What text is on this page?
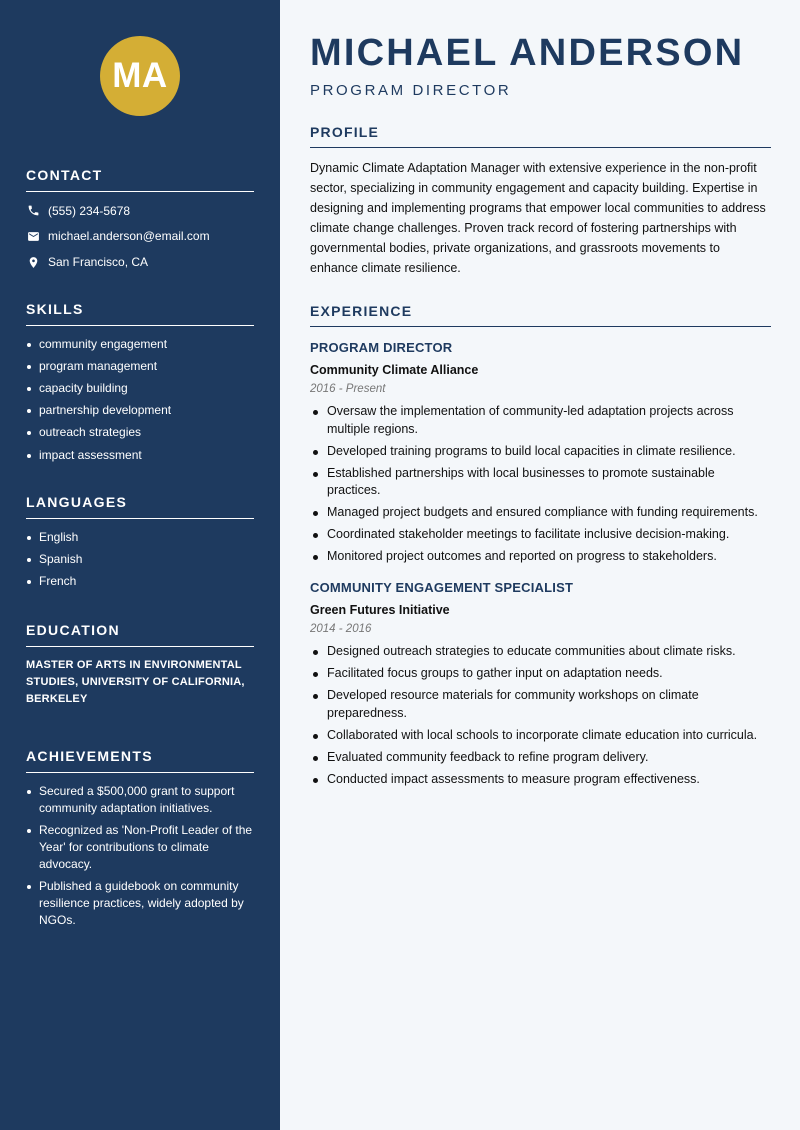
MA
CONTACT
(555) 234-5678
michael.anderson@email.com
San Francisco, CA
SKILLS
community engagement
program management
capacity building
partnership development
outreach strategies
impact assessment
LANGUAGES
English
Spanish
French
EDUCATION

MASTER OF ARTS IN ENVIRONMENTAL STUDIES, UNIVERSITY OF CALIFORNIA, BERKELEY

ACHIEVEMENTS
Secured a $500,000 grant to support community adaptation initiatives.
Recognized as 'Non-Profit Leader of the Year' for contributions to climate advocacy.
Published a guidebook on community resilience practices, widely adopted by NGOs.
MICHAEL ANDERSON
PROGRAM DIRECTOR
PROFILE

Dynamic Climate Adaptation Manager with extensive experience in the non-profit sector, specializing in community engagement and capacity building. Expertise in designing and implementing programs that empower local communities to address climate change challenges. Proven track record of fostering partnerships with governmental bodies, private organizations, and grassroots movements to enhance climate resilience.

EXPERIENCE
PROGRAM DIRECTOR
Community Climate Alliance
2016 - Present
Oversaw the implementation of community-led adaptation projects across multiple regions.
Developed training programs to build local capacities in climate resilience.
Established partnerships with local businesses to promote sustainable practices.
Managed project budgets and ensured compliance with funding requirements.
Coordinated stakeholder meetings to facilitate inclusive decision-making.
Monitored project outcomes and reported on progress to stakeholders.
COMMUNITY ENGAGEMENT SPECIALIST
Green Futures Initiative
2014 - 2016
Designed outreach strategies to educate communities about climate risks.
Facilitated focus groups to gather input on adaptation needs.
Developed resource materials for community workshops on climate preparedness.
Collaborated with local schools to incorporate climate education into curricula.
Evaluated community feedback to refine program delivery.
Conducted impact assessments to measure program effectiveness.
